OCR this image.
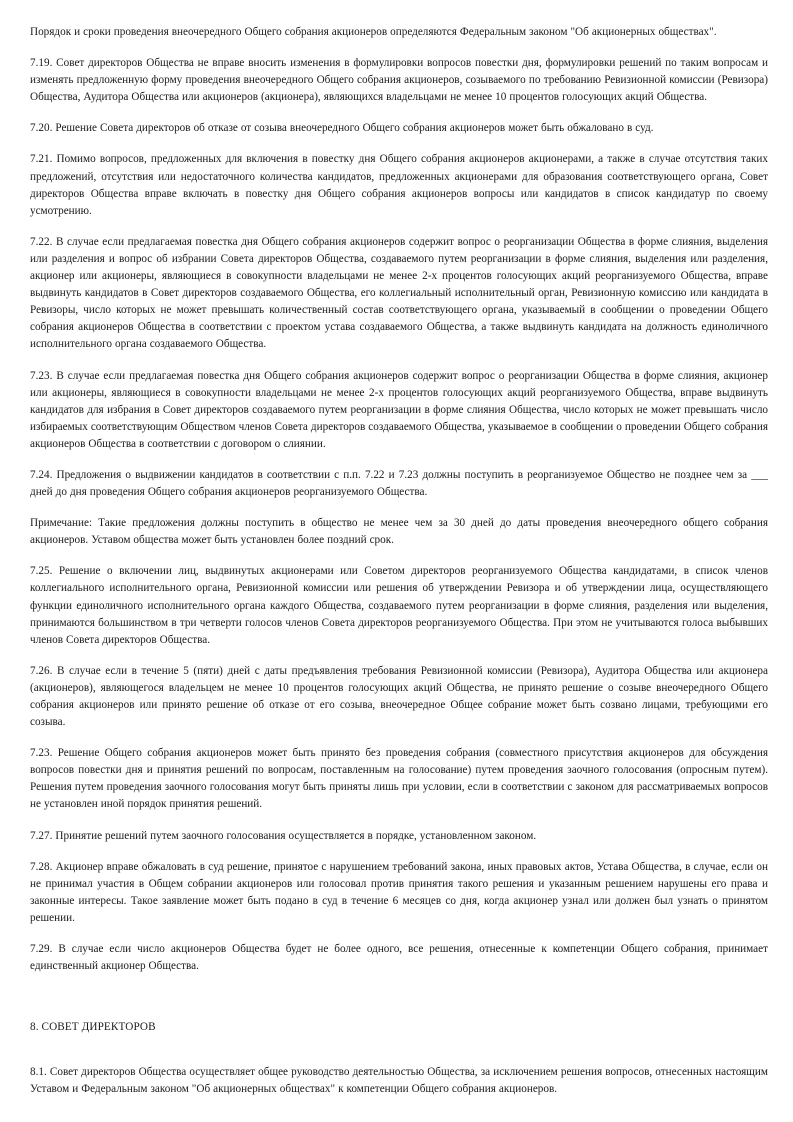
Порядок и сроки проведения внеочередного Общего собрания акционеров определяются Федеральным законом "Об акционерных обществах".

7.19. Совет директоров Общества не вправе вносить изменения в формулировки вопросов повестки дня, формулировки решений по таким вопросам и изменять предложенную форму проведения внеочередного Общего собрания акционеров, созываемого по требованию Ревизионной комиссии (Ревизора) Общества, Аудитора Общества или акционеров (акционера), являющихся владельцами не менее 10 процентов голосующих акций Общества.

7.20. Решение Совета директоров об отказе от созыва внеочередного Общего собрания акционеров может быть обжаловано в суд.

7.21. Помимо вопросов, предложенных для включения в повестку дня Общего собрания акционеров акционерами, а также в случае отсутствия таких предложений, отсутствия или недостаточного количества кандидатов, предложенных акционерами для образования соответствующего органа, Совет директоров Общества вправе включать в повестку дня Общего собрания акционеров вопросы или кандидатов в список кандидатур по своему усмотрению.

7.22. В случае если предлагаемая повестка дня Общего собрания акционеров содержит вопрос о реорганизации Общества в форме слияния, выделения или разделения и вопрос об избрании Совета директоров Общества, создаваемого путем реорганизации в форме слияния, выделения или разделения, акционер или акционеры, являющиеся в совокупности владельцами не менее 2-х процентов голосующих акций реорганизуемого Общества, вправе выдвинуть кандидатов в Совет директоров создаваемого Общества, его коллегиальный исполнительный орган, Ревизионную комиссию или кандидата в Ревизоры, число которых не может превышать количественный состав соответствующего органа, указываемый в сообщении о проведении Общего собрания акционеров Общества в соответствии с проектом устава создаваемого Общества, а также выдвинуть кандидата на должность единоличного исполнительного органа создаваемого Общества.

7.23. В случае если предлагаемая повестка дня Общего собрания акционеров содержит вопрос о реорганизации Общества в форме слияния, акционер или акционеры, являющиеся в совокупности владельцами не менее 2-х процентов голосующих акций реорганизуемого Общества, вправе выдвинуть кандидатов для избрания в Совет директоров создаваемого путем реорганизации в форме слияния Общества, число которых не может превышать число избираемых соответствующим Обществом членов Совета директоров создаваемого Общества, указываемое в сообщении о проведении Общего собрания акционеров Общества в соответствии с договором о слиянии.

7.24. Предложения о выдвижении кандидатов в соответствии с п.п. 7.22 и 7.23 должны поступить в реорганизуемое Общество не позднее чем за ___ дней до дня проведения Общего собрания акционеров реорганизуемого Общества.

Примечание: Такие предложения должны поступить в общество не менее чем за 30 дней до даты проведения внеочередного общего собрания акционеров. Уставом общества может быть установлен более поздний срок.

7.25. Решение о включении лиц, выдвинутых акционерами или Советом директоров реорганизуемого Общества кандидатами, в список членов коллегиального исполнительного органа, Ревизионной комиссии или решения об утверждении Ревизора и об утверждении лица, осуществляющего функции единоличного исполнительного органа каждого Общества, создаваемого путем реорганизации в форме слияния, разделения или выделения, принимаются большинством в три четверти голосов членов Совета директоров реорганизуемого Общества. При этом не учитываются голоса выбывших членов Совета директоров Общества.

7.26. В случае если в течение 5 (пяти) дней с даты предъявления требования Ревизионной комиссии (Ревизора), Аудитора Общества или акционера (акционеров), являющегося владельцем не менее 10 процентов голосующих акций Общества, не принято решение о созыве внеочередного Общего собрания акционеров или принято решение об отказе от его созыва, внеочередное Общее собрание может быть созвано лицами, требующими его созыва.

7.23. Решение Общего собрания акционеров может быть принято без проведения собрания (совместного присутствия акционеров для обсуждения вопросов повестки дня и принятия решений по вопросам, поставленным на голосование) путем проведения заочного голосования (опросным путем). Решения путем проведения заочного голосования могут быть приняты лишь при условии, если в соответствии с законом для рассматриваемых вопросов не установлен иной порядок принятия решений.

7.27. Принятие решений путем заочного голосования осуществляется в порядке, установленном законом.

7.28. Акционер вправе обжаловать в суд решение, принятое с нарушением требований закона, иных правовых актов, Устава Общества, в случае, если он не принимал участия в Общем собрании акционеров или голосовал против принятия такого решения и указанным решением нарушены его права и законные интересы. Такое заявление может быть подано в суд в течение 6 месяцев со дня, когда акционер узнал или должен был узнать о принятом решении.

7.29. В случае если число акционеров Общества будет не более одного, все решения, отнесенные к компетенции Общего собрания, принимает единственный акционер Общества.

8. СОВЕТ ДИРЕКТОРОВ

8.1. Совет директоров Общества осуществляет общее руководство деятельностью Общества, за исключением решения вопросов, отнесенных настоящим Уставом и Федеральным законом "Об акционерных обществах" к компетенции Общего собрания акционеров.
